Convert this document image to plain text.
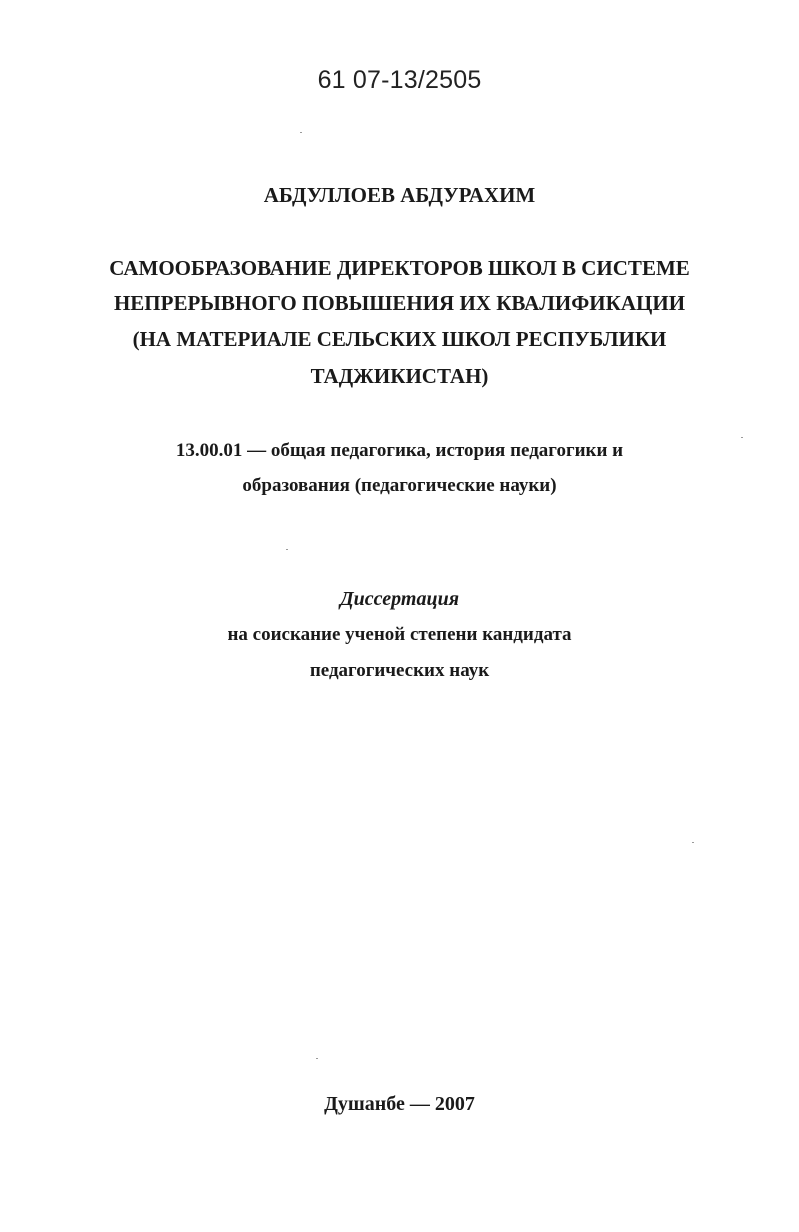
61 07-13/2505
АБДУЛЛОЕВ АБДУРАХИМ
САМООБРАЗОВАНИЕ ДИРЕКТОРОВ ШКОЛ В СИСТЕМЕ
НЕПРЕРЫВНОГО ПОВЫШЕНИЯ ИХ КВАЛИФИКАЦИИ
(НА МАТЕРИАЛЕ СЕЛЬСКИХ ШКОЛ РЕСПУБЛИКИ
ТАДЖИКИСТАН)
13.00.01 — общая педагогика, история педагогики и
образования (педагогические науки)
Диссертация
на соискание ученой степени кандидата
педагогических наук
Душанбе — 2007
